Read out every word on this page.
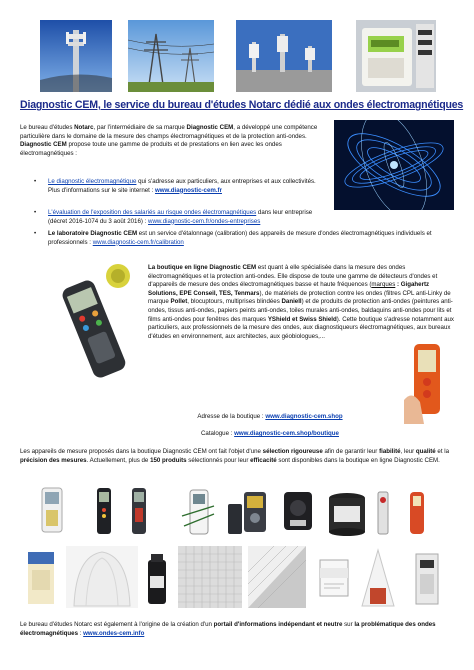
Diagnostic CEM, le service du bureau d'études Notarc dédié aux ondes électromagnétiques
Le bureau d'études Notarc, par l'intermédiaire de sa marque Diagnostic CEM, a développé une compétence particulière dans le domaine de la mesure des champs électromagnétiques et de la protection anti-ondes. Diagnostic CEM propose toute une gamme de produits et de prestations en lien avec les ondes électromagnétiques :
• Le diagnostic électromagnétique qui s'adresse aux particuliers, aux entreprises et aux collectivités. Plus d'informations sur le site internet : www.diagnostic-cem.fr
• L'évaluation de l'exposition des salariés au risque ondes électromagnétiques dans leur entreprise (décret 2016-1074 du 3 août 2016) : www.diagnostic-cem.fr/ondes-entreprises
• Le laboratoire Diagnostic CEM est un service d'étalonnage (calibration) des appareils de mesure d'ondes électromagnétiques individuels et professionnels : www.diagnostic-cem.fr/calibration
La boutique en ligne Diagnostic CEM est quant à elle spécialisée dans la mesure des ondes électromagnétiques et la protection anti-ondes. Elle dispose de toute une gamme de détecteurs d'ondes et d'appareils de mesure des ondes électromagnétiques basse et haute fréquences (marques : Gigahertz Solutions, EPE Conseil, TES, Tenmars), de matériels de protection contre les ondes (filtres CPL anti-Linky de marque Pollet, blocuptours, multiprises blindées Daniell) et de produits de protection anti-ondes (peintures anti-ondes, tissus anti-ondes, papiers peints anti-ondes, toiles murales anti-ondes, baldaquins anti-ondes pour lits et films anti-ondes pour fenêtres des marques YShield et Swiss Shield). Cette boutique s'adresse notamment aux particuliers, aux professionnels de la mesure des ondes, aux diagnostiqueurs électromagnétiques, aux bureaux d'études en environnement, aux architectes, aux géobiologues,...
Adresse de la boutique : www.diagnostic-cem.shop
Catalogue : www.diagnostic-cem.shop/boutique
Les appareils de mesure proposés dans la boutique Diagnostic CEM ont fait l'objet d'une sélection rigoureuse afin de garantir leur fiabilité, leur qualité et la précision des mesures. Actuellement, plus de 150 produits sélectionnés pour leur efficacité sont disponibles dans la boutique en ligne Diagnostic CEM.
Le bureau d'études Notarc est également à l'origine de la création d'un portail d'informations indépendant et neutre sur la problématique des ondes électromagnétiques : www.ondes-cem.info
